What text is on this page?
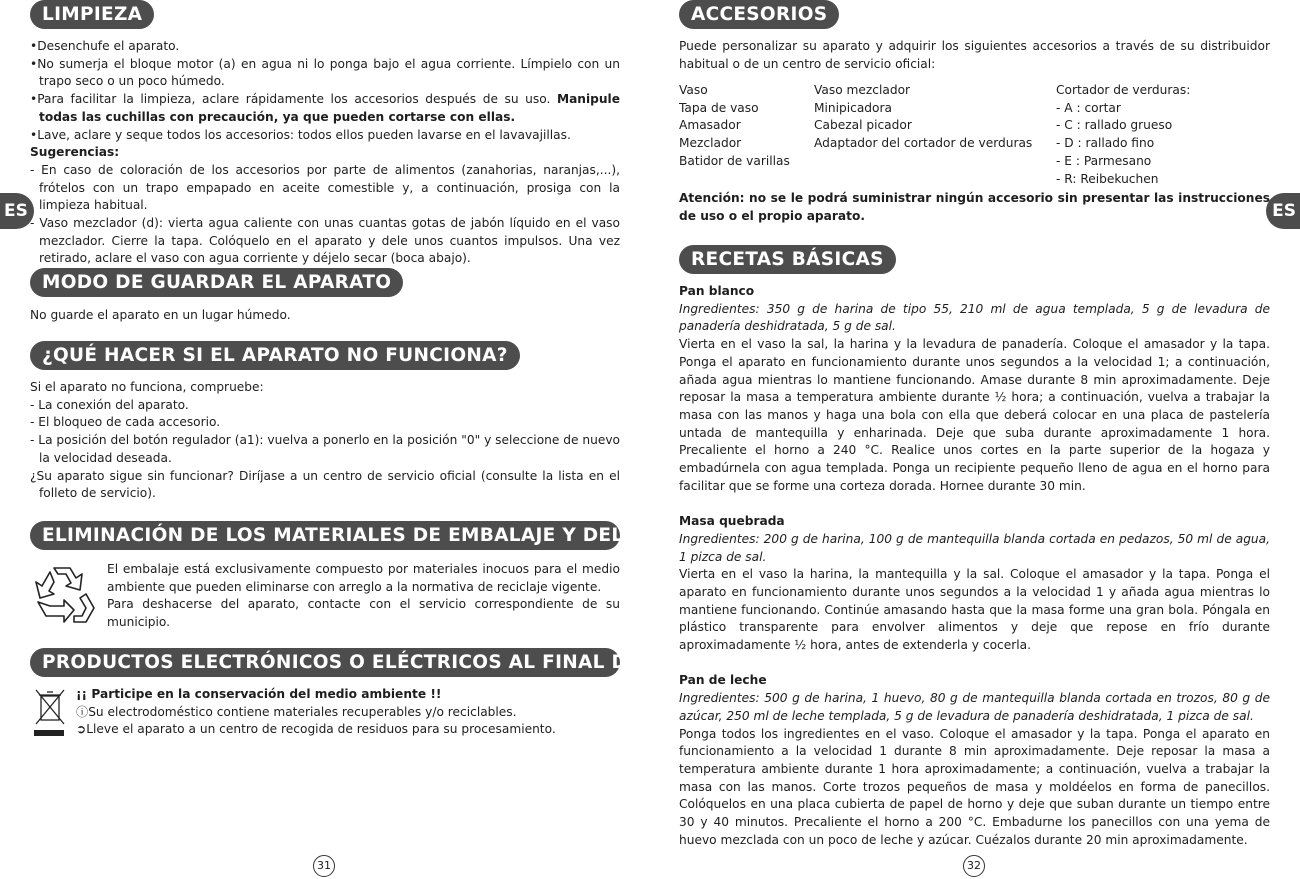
ES
LIMPIEZA

•Desenchufe el aparato.

•No sumerja el bloque motor (a) en agua ni lo ponga bajo el agua corriente. Límpielo con un trapo seco o un poco húmedo.

•Para facilitar la limpieza, aclare rápidamente los accesorios después de su uso. Manipule todas las cuchillas con precaución, ya que pueden cortarse con ellas.

•Lave, aclare y seque todos los accesorios: todos ellos pueden lavarse en el lavavajillas.

Sugerencias:

- En caso de coloración de los accesorios por parte de alimentos (zanahorias, naranjas,...), frótelos con un trapo empapado en aceite comestible y, a continuación, prosiga con la limpieza habitual.

- Vaso mezclador (d): vierta agua caliente con unas cuantas gotas de jabón líquido en el vaso mezclador. Cierre la tapa. Colóquelo en el aparato y dele unos cuantos impulsos. Una vez retirado, aclare el vaso con agua corriente y déjelo secar (boca abajo).

MODO DE GUARDAR EL APARATO

No guarde el aparato en un lugar húmedo.

¿QUÉ HACER SI EL APARATO NO FUNCIONA?

Si el aparato no funciona, compruebe:

- La conexión del aparato.

- El bloqueo de cada accesorio.

- La posición del botón regulador (a1): vuelva a ponerlo en la posición "0" y seleccione de nuevo la velocidad deseada.

¿Su aparato sigue sin funcionar? Diríjase a un centro de servicio oficial (consulte la lista en el folleto de servicio).

ELIMINACIÓN DE LOS MATERIALES DE EMBALAJE Y DEL APARATO

El embalaje está exclusivamente compuesto por materiales inocuos para el medio ambiente que pueden eliminarse con arreglo a la normativa de reciclaje vigente.

Para deshacerse del aparato, contacte con el servicio correspondiente de su municipio.

PRODUCTOS ELECTRÓNICOS O ELÉCTRICOS AL FINAL DE SU VIDA ÚTIL

¡¡ Participe en la conservación del medio ambiente !!

ⓘSu electrodoméstico contiene materiales recuperables y/o reciclables.

➲Lleve el aparato a un centro de recogida de residuos para su procesamiento.

31
ES
ACCESORIOS

Puede personalizar su aparato y adquirir los siguientes accesorios a través de su distribuidor habitual o de un centro de servicio oficial:

Vaso
Tapa de vaso
Amasador
Mezclador
Batidor de varillas
Vaso mezclador
Minipicadora
Cabezal picador
Adaptador del cortador de verduras
Cortador de verduras:
- A : cortar
- C : rallado grueso
- D : rallado fino
- E : Parmesano
- R: Reibekuchen

Atención: no se le podrá suministrar ningún accesorio sin presentar las instrucciones de uso o el propio aparato.

RECETAS BÁSICAS

Pan blanco

Ingredientes: 350 g de harina de tipo 55, 210 ml de agua templada, 5 g de levadura de panadería deshidratada, 5 g de sal.

Vierta en el vaso la sal, la harina y la levadura de panadería. Coloque el amasador y la tapa. Ponga el aparato en funcionamiento durante unos segundos a la velocidad 1; a continuación, añada agua mientras lo mantiene funcionando. Amase durante 8 min aproximadamente. Deje reposar la masa a temperatura ambiente durante ½ hora; a continuación, vuelva a trabajar la masa con las manos y haga una bola con ella que deberá colocar en una placa de pastelería untada de mantequilla y enharinada. Deje que suba durante aproximadamente 1 hora. Precaliente el horno a 240 °C. Realice unos cortes en la parte superior de la hogaza y embadúrnela con agua templada. Ponga un recipiente pequeño lleno de agua en el horno para facilitar que se forme una corteza dorada. Hornee durante 30 min.

Masa quebrada

Ingredientes: 200 g de harina, 100 g de mantequilla blanda cortada en pedazos, 50 ml de agua, 1 pizca de sal.

Vierta en el vaso la harina, la mantequilla y la sal. Coloque el amasador y la tapa. Ponga el aparato en funcionamiento durante unos segundos a la velocidad 1 y añada agua mientras lo mantiene funcionando. Continúe amasando hasta que la masa forme una gran bola. Póngala en plástico transparente para envolver alimentos y deje que repose en frío durante aproximadamente ½ hora, antes de extenderla y cocerla.

Pan de leche

Ingredientes: 500 g de harina, 1 huevo, 80 g de mantequilla blanda cortada en trozos, 80 g de azúcar, 250 ml de leche templada, 5 g de levadura de panadería deshidratada, 1 pizca de sal.

Ponga todos los ingredientes en el vaso. Coloque el amasador y la tapa. Ponga el aparato en funcionamiento a la velocidad 1 durante 8 min aproximadamente. Deje reposar la masa a temperatura ambiente durante 1 hora aproximadamente; a continuación, vuelva a trabajar la masa con las manos. Corte trozos pequeños de masa y moldéelos en forma de panecillos. Colóquelos en una placa cubierta de papel de horno y deje que suban durante un tiempo entre 30 y 40 minutos. Precaliente el horno a 200 °C. Embadurne los panecillos con una yema de huevo mezclada con un poco de leche y azúcar. Cuézalos durante 20 min aproximadamente.

32
